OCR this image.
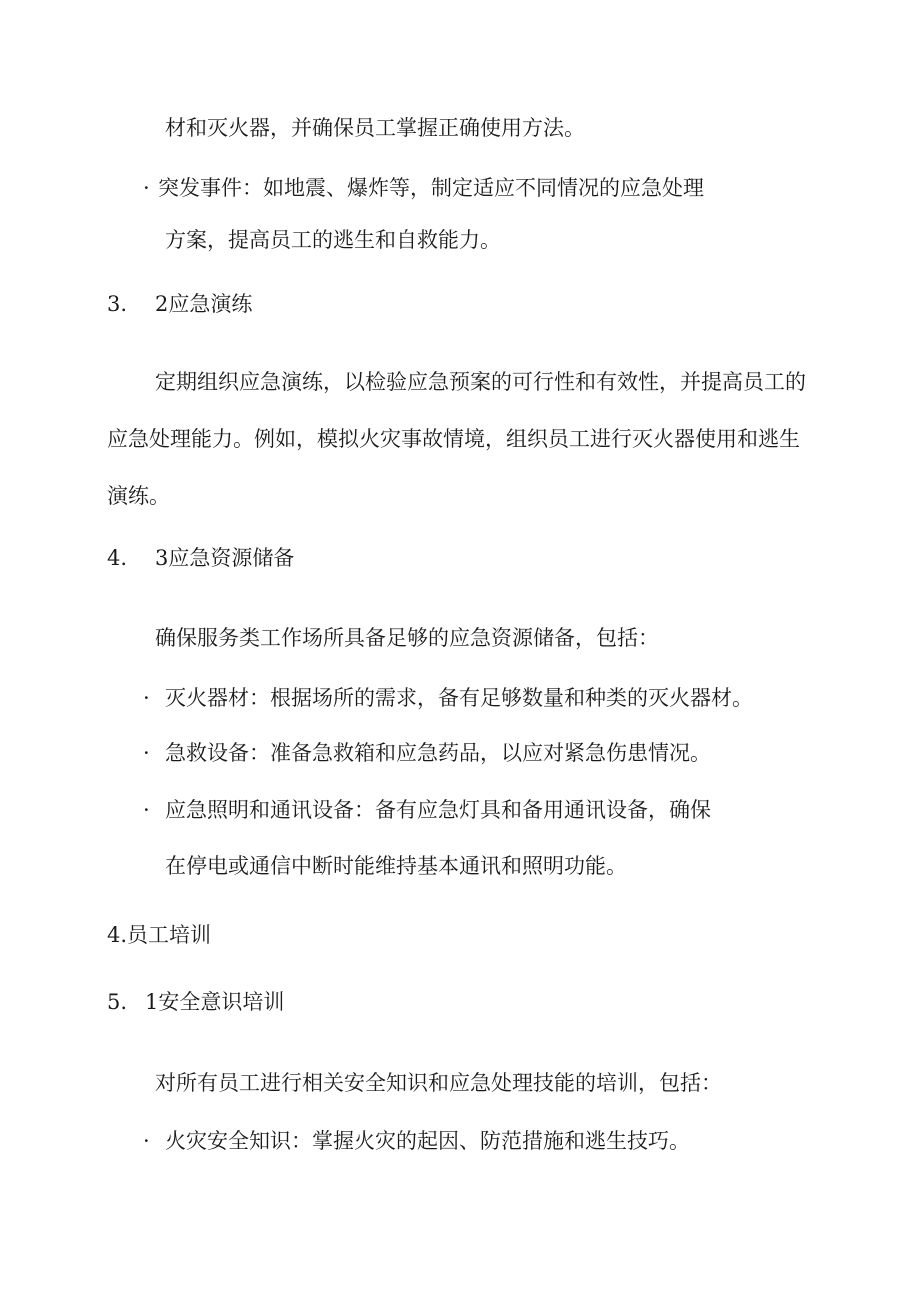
材和灭火器，并确保员工掌握正确使用方法。
· 突发事件：如地震、爆炸等，制定适应不同情况的应急处理
方案，提高员工的逃生和自救能力。
3. 2应急演练
定期组织应急演练，以检验应急预案的可行性和有效性，并提高员工的
应急处理能力。例如，模拟火灾事故情境，组织员工进行灭火器使用和逃生
演练。
4. 3应急资源储备
确保服务类工作场所具备足够的应急资源储备，包括：
· 灭火器材：根据场所的需求，备有足够数量和种类的灭火器材。
· 急救设备：准备急救箱和应急药品，以应对紧急伤患情况。
· 应急照明和通讯设备：备有应急灯具和备用通讯设备，确保
在停电或通信中断时能维持基本通讯和照明功能。
4.员工培训
5. 1安全意识培训
对所有员工进行相关安全知识和应急处理技能的培训，包括：
· 火灾安全知识：掌握火灾的起因、防范措施和逃生技巧。
